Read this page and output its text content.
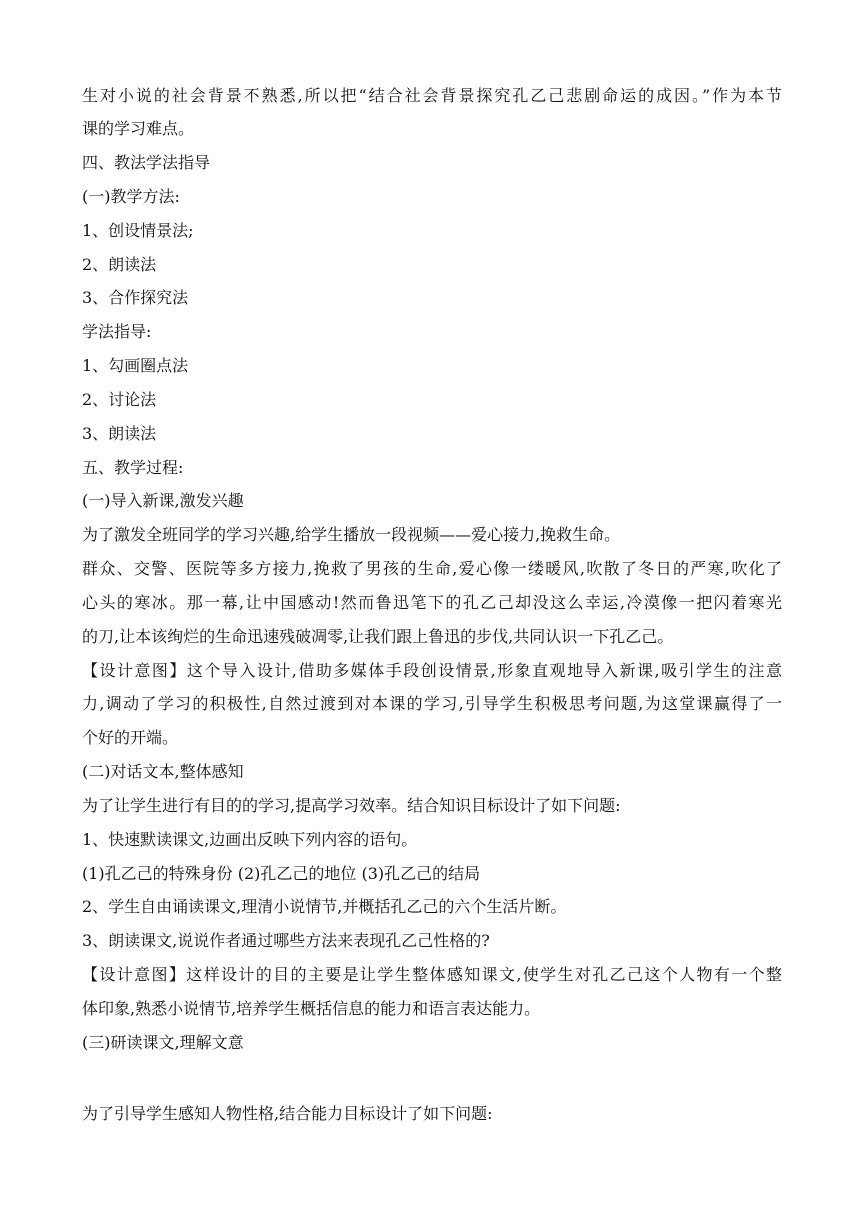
生对小说的社会背景不熟悉,所以把“结合社会背景探究孔乙己悲剧命运的成因。”作为本节
课的学习难点。
四、教法学法指导
(一)教学方法:
1、创设情景法;
2、朗读法
3、合作探究法
学法指导:
1、勾画圈点法
2、讨论法
3、朗读法
五、教学过程:
(一)导入新课,激发兴趣
为了激发全班同学的学习兴趣,给学生播放一段视频——爱心接力,挽救生命。
群众、交警、医院等多方接力,挽救了男孩的生命,爱心像一缕暖风,吹散了冬日的严寒,吹化了
心头的寒冰。那一幕,让中国感动!然而鲁迅笔下的孔乙己却没这么幸运,冷漠像一把闪着寒光
的刀,让本该绚烂的生命迅速残破凋零,让我们跟上鲁迅的步伐,共同认识一下孔乙己。
【设计意图】这个导入设计,借助多媒体手段创设情景,形象直观地导入新课,吸引学生的注意
力,调动了学习的积极性,自然过渡到对本课的学习,引导学生积极思考问题,为这堂课赢得了一
个好的开端。
(二)对话文本,整体感知
为了让学生进行有目的的学习,提高学习效率。结合知识目标设计了如下问题:
1、快速默读课文,边画出反映下列内容的语句。
(1)孔乙己的特殊身份 (2)孔乙己的地位 (3)孔乙己的结局
2、学生自由诵读课文,理清小说情节,并概括孔乙己的六个生活片断。
3、朗读课文,说说作者通过哪些方法来表现孔乙己性格的?
【设计意图】这样设计的目的主要是让学生整体感知课文,使学生对孔乙己这个人物有一个整
体印象,熟悉小说情节,培养学生概括信息的能力和语言表达能力。
(三)研读课文,理解文意
为了引导学生感知人物性格,结合能力目标设计了如下问题:
